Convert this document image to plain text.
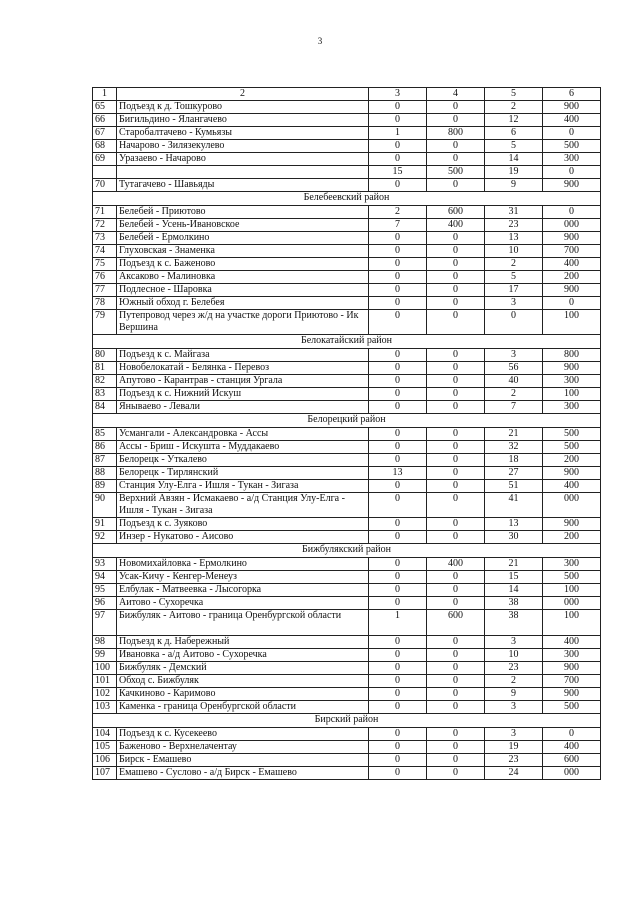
3
1	2	3	4	5	6
65	Подъезд к д. Тошкурово	0	0	2	900
66	Бигильдино - Ялангачево	0	0	12	400
67	Старобалтачево - Кумьязы	1	800	6	0
68	Начарово - Зилязекулево	0	0	5	500
69	Уразаево - Начарово	0	0	14	300
		15	500	19	0
70	Тутагачево - Шавьяды	0	0	9	900
Белебеевский район					
71	Белебей - Приютово	2	600	31	0
72	Белебей - Усень-Ивановское	7	400	23	000
73	Белебей - Ермолкино	0	0	13	900
74	Глуховская - Знаменка	0	0	10	700
75	Подъезд к с. Баженово	0	0	2	400
76	Аксаково - Малиновка	0	0	5	200
77	Подлесное - Шаровка	0	0	17	900
78	Южный обход г. Белебея	0	0	3	0
79	Путепровод через ж/д на участке дороги Приютово - Ик Вершина	0	0	0	100
Белокатайский район					
80	Подъезд к с. Майгаза	0	0	3	800
81	Новобелокатай - Белянка - Перевоз	0	0	56	900
82	Апутово - Карантрав - станция Ургала	0	0	40	300
83	Подъезд к с. Нижний Искуш	0	0	2	100
84	Янывaeво - Левали	0	0	7	300
Белорецкий район					
85	Усмангали - Александровка - Ассы	0	0	21	500
86	Ассы - Бриш - Искушта - Муддакаево	0	0	32	500
87	Белорецк - Уткалево	0	0	18	200
88	Белорецк - Тирлянский	13	0	27	900
89	Станция Улу-Елга - Ишля - Тукан - Зигаза	0	0	51	400
90	Верхний Авзян - Исмакаево - а/д Станция Улу-Елга - Ишля - Тукан - Зигаза	0	0	41	000
91	Подъезд к с. Зуяково	0	0	13	900
92	Инзер - Нукатово - Аисово	0	0	30	200
Бижбулякский район					
93	Новомихайловка - Ермолкино	0	400	21	300
94	Усак-Кичу - Кенгер-Менеуз	0	0	15	500
95	Елбулак - Матвеевка - Лысогорка	0	0	14	100
96	Аитово - Сухоречка	0	0	38	000
97	Бижбуляк - Аитово - граница Оренбургской области	1	600	38	100
98	Подъезд к д. Набережный	0	0	3	400
99	Ивановка - а/д Аитово - Сухоречка	0	0	10	300
100	Бижбуляк - Демский	0	0	23	900
101	Обход с. Бижбуляк	0	0	2	700
102	Качкиново - Каримово	0	0	9	900
103	Каменка - граница Оренбургской области	0	0	3	500
Бирский район					
104	Подъезд к с. Кусекеево	0	0	3	0
105	Баженово - Верхнелачентау	0	0	19	400
106	Бирск - Емашево	0	0	23	600
107	Емашево - Суслово - а/д Бирск - Емашево	0	0	24	000
